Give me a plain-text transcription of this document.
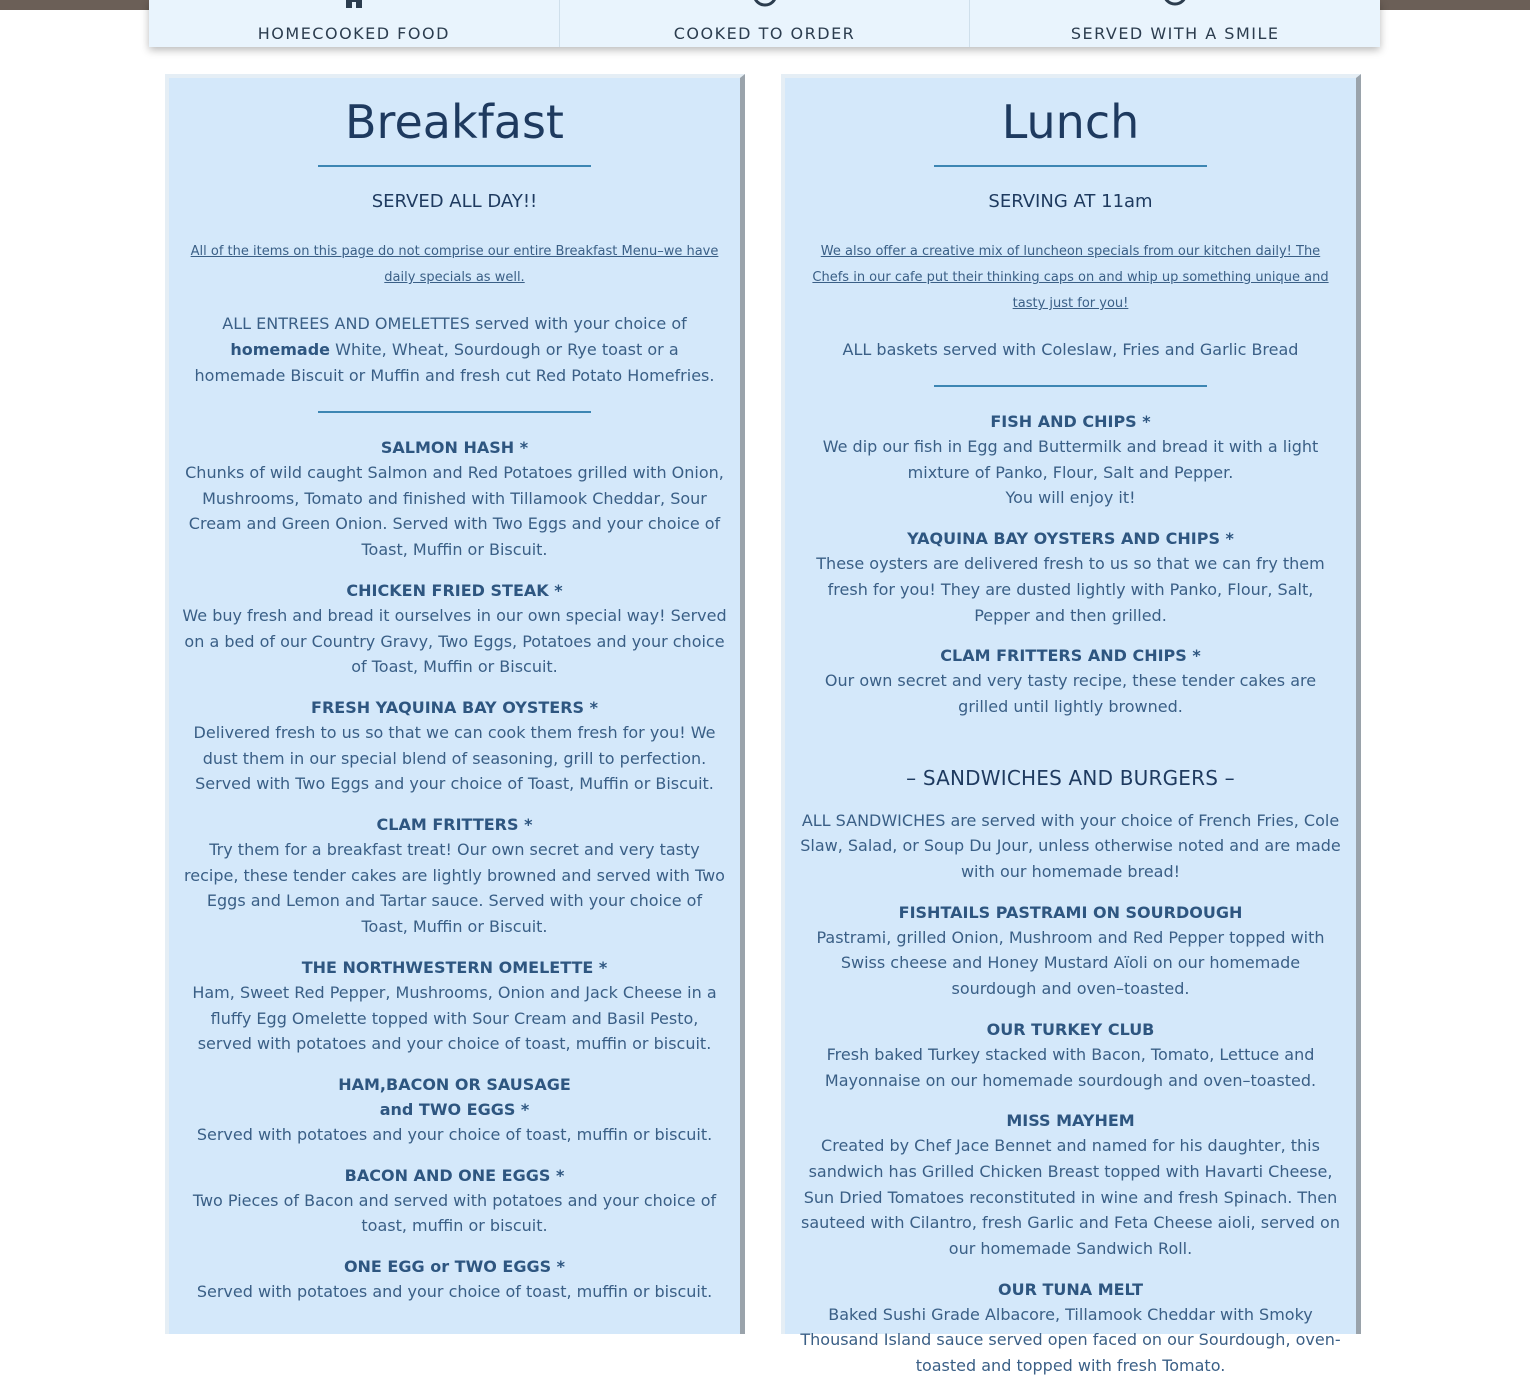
HOMECOOKED FOOD	COOKED TO ORDER	SERVED WITH A SMILE
Breakfast
SERVED ALL DAY!!
All of the items on this page do not comprise our entire Breakfast Menu–we have daily specials as well.
ALL ENTREES AND OMELETTES served with your choice of homemade White, Wheat, Sourdough or Rye toast or a homemade Biscuit or Muffin and fresh cut Red Potato Homefries.
SALMON HASH *
Chunks of wild caught Salmon and Red Potatoes grilled with Onion, Mushrooms, Tomato and finished with Tillamook Cheddar, Sour Cream and Green Onion. Served with Two Eggs and your choice of Toast, Muffin or Biscuit.
CHICKEN FRIED STEAK *
We buy fresh and bread it ourselves in our own special way! Served on a bed of our Country Gravy, Two Eggs, Potatoes and your choice of Toast, Muffin or Biscuit.
FRESH YAQUINA BAY OYSTERS *
Delivered fresh to us so that we can cook them fresh for you! We dust them in our special blend of seasoning, grill to perfection. Served with Two Eggs and your choice of Toast, Muffin or Biscuit.
CLAM FRITTERS *
Try them for a breakfast treat! Our own secret and very tasty recipe, these tender cakes are lightly browned and served with Two Eggs and Lemon and Tartar sauce. Served with your choice of Toast, Muffin or Biscuit.
THE NORTHWESTERN OMELETTE *
Ham, Sweet Red Pepper, Mushrooms, Onion and Jack Cheese in a fluffy Egg Omelette topped with Sour Cream and Basil Pesto, served with potatoes and your choice of toast, muffin or biscuit.
HAM,BACON OR SAUSAGE and TWO EGGS *
Served with potatoes and your choice of toast, muffin or biscuit.
BACON AND ONE EGGS *
Two Pieces of Bacon and served with potatoes and your choice of toast, muffin or biscuit.
ONE EGG or TWO EGGS *
Served with potatoes and your choice of toast, muffin or biscuit.
Lunch
SERVING AT 11am
We also offer a creative mix of luncheon specials from our kitchen daily! The Chefs in our cafe put their thinking caps on and whip up something unique and tasty just for you!
ALL baskets served with Coleslaw, Fries and Garlic Bread
FISH AND CHIPS *
We dip our fish in Egg and Buttermilk and bread it with a light mixture of Panko, Flour, Salt and Pepper.
You will enjoy it!
YAQUINA BAY OYSTERS AND CHIPS *
These oysters are delivered fresh to us so that we can fry them fresh for you! They are dusted lightly with Panko, Flour, Salt, Pepper and then grilled.
CLAM FRITTERS AND CHIPS *
Our own secret and very tasty recipe, these tender cakes are grilled until lightly browned.
– SANDWICHES AND BURGERS –
ALL SANDWICHES are served with your choice of French Fries, Cole Slaw, Salad, or Soup Du Jour, unless otherwise noted and are made with our homemade bread!
FISHTAILS PASTRAMI ON SOURDOUGH
Pastrami, grilled Onion, Mushroom and Red Pepper topped with Swiss cheese and Honey Mustard Aïoli on our homemade sourdough and oven–toasted.
OUR TURKEY CLUB
Fresh baked Turkey stacked with Bacon, Tomato, Lettuce and Mayonnaise on our homemade sourdough and oven–toasted.
MISS MAYHEM
Created by Chef Jace Bennet and named for his daughter, this sandwich has Grilled Chicken Breast topped with Havarti Cheese, Sun Dried Tomatoes reconstituted in wine and fresh Spinach. Then sauteed with Cilantro, fresh Garlic and Feta Cheese aioli, served on our homemade Sandwich Roll.
OUR TUNA MELT
Baked Sushi Grade Albacore, Tillamook Cheddar with Smoky Thousand Island sauce served open faced on our Sourdough, oven-toasted and topped with fresh Tomato.
